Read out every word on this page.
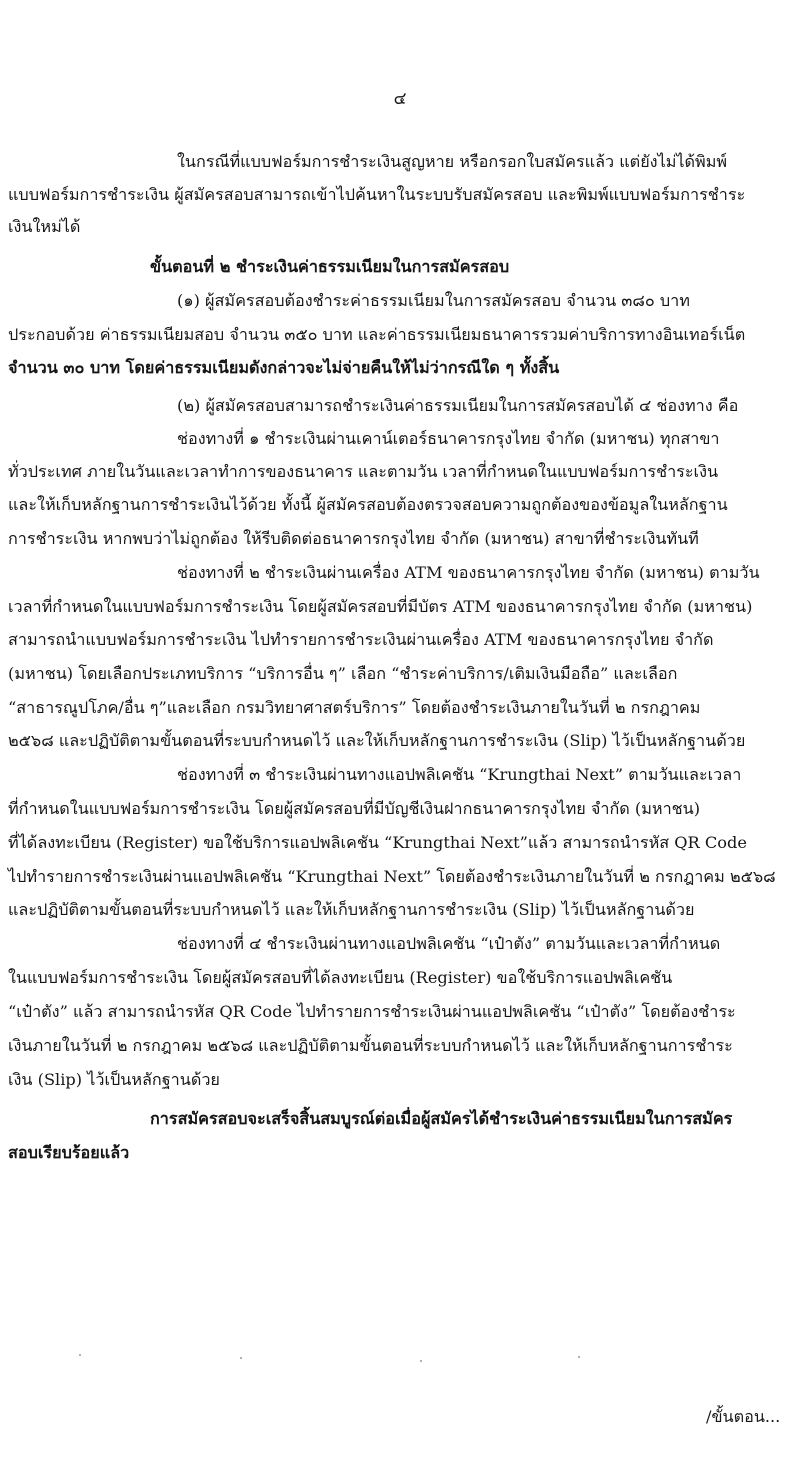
๔
ในกรณีที่แบบฟอร์มการชำระเงินสูญหาย หรือกรอกใบสมัครแล้ว แต่ยังไม่ได้พิมพ์
แบบฟอร์มการชำระเงิน ผู้สมัครสอบสามารถเข้าไปค้นหาในระบบรับสมัครสอบ และพิมพ์แบบฟอร์มการชำระ
เงินใหม่ได้
ขั้นตอนที่ ๒ ชำระเงินค่าธรรมเนียมในการสมัครสอบ
(๑) ผู้สมัครสอบต้องชำระค่าธรรมเนียมในการสมัครสอบ จำนวน ๓๘๐ บาท
ประกอบด้วย ค่าธรรมเนียมสอบ จำนวน ๓๕๐ บาท และค่าธรรมเนียมธนาคารรวมค่าบริการทางอินเทอร์เน็ต
จำนวน ๓๐ บาท โดยค่าธรรมเนียมดังกล่าวจะไม่จ่ายคืนให้ไม่ว่ากรณีใด ๆ ทั้งสิ้น
(๒) ผู้สมัครสอบสามารถชำระเงินค่าธรรมเนียมในการสมัครสอบได้ ๔ ช่องทาง คือ
ช่องทางที่ ๑ ชำระเงินผ่านเคาน์เตอร์ธนาคารกรุงไทย จำกัด (มหาชน) ทุกสาขา
ทั่วประเทศ ภายในวันและเวลาทำการของธนาคาร และตามวัน เวลาที่กำหนดในแบบฟอร์มการชำระเงิน
และให้เก็บหลักฐานการชำระเงินไว้ด้วย ทั้งนี้ ผู้สมัครสอบต้องตรวจสอบความถูกต้องของข้อมูลในหลักฐาน
การชำระเงิน หากพบว่าไม่ถูกต้อง ให้รีบติดต่อธนาคารกรุงไทย จำกัด (มหาชน) สาขาที่ชำระเงินทันที
ช่องทางที่ ๒ ชำระเงินผ่านเครื่อง ATM ของธนาคารกรุงไทย จำกัด (มหาชน) ตามวัน
เวลาที่กำหนดในแบบฟอร์มการชำระเงิน โดยผู้สมัครสอบที่มีบัตร ATM ของธนาคารกรุงไทย จำกัด (มหาชน)
สามารถนำแบบฟอร์มการชำระเงิน ไปทำรายการชำระเงินผ่านเครื่อง ATM ของธนาคารกรุงไทย จำกัด
(มหาชน) โดยเลือกประเภทบริการ “บริการอื่น ๆ” เลือก “ชำระค่าบริการ/เติมเงินมือถือ” และเลือก
“สาธารณูปโภค/อื่น ๆ”และเลือก กรมวิทยาศาสตร์บริการ” โดยต้องชำระเงินภายในวันที่ ๒ กรกฎาคม
๒๕๖๘ และปฏิบัติตามขั้นตอนที่ระบบกำหนดไว้ และให้เก็บหลักฐานการชำระเงิน (Slip) ไว้เป็นหลักฐานด้วย
ช่องทางที่ ๓ ชำระเงินผ่านทางแอปพลิเคชัน “Krungthai Next” ตามวันและเวลา
ที่กำหนดในแบบฟอร์มการชำระเงิน โดยผู้สมัครสอบที่มีบัญชีเงินฝากธนาคารกรุงไทย จำกัด (มหาชน)
ที่ได้ลงทะเบียน (Register) ขอใช้บริการแอปพลิเคชัน “Krungthai Next”แล้ว สามารถนำรหัส QR Code
ไปทำรายการชำระเงินผ่านแอปพลิเคชัน “Krungthai Next” โดยต้องชำระเงินภายในวันที่ ๒ กรกฎาคม ๒๕๖๘
และปฏิบัติตามขั้นตอนที่ระบบกำหนดไว้ และให้เก็บหลักฐานการชำระเงิน (Slip) ไว้เป็นหลักฐานด้วย
ช่องทางที่ ๔ ชำระเงินผ่านทางแอปพลิเคชัน “เป๋าตัง” ตามวันและเวลาที่กำหนด
ในแบบฟอร์มการชำระเงิน โดยผู้สมัครสอบที่ได้ลงทะเบียน (Register) ขอใช้บริการแอปพลิเคชัน
“เป๋าตัง” แล้ว สามารถนำรหัส QR Code ไปทำรายการชำระเงินผ่านแอปพลิเคชัน “เป๋าตัง” โดยต้องชำระ
เงินภายในวันที่ ๒ กรกฎาคม ๒๕๖๘ และปฏิบัติตามขั้นตอนที่ระบบกำหนดไว้ และให้เก็บหลักฐานการชำระ
เงิน (Slip) ไว้เป็นหลักฐานด้วย
การสมัครสอบจะเสร็จสิ้นสมบูรณ์ต่อเมื่อผู้สมัครได้ชำระเงินค่าธรรมเนียมในการสมัคร
สอบเรียบร้อยแล้ว
/ขั้นตอน...
